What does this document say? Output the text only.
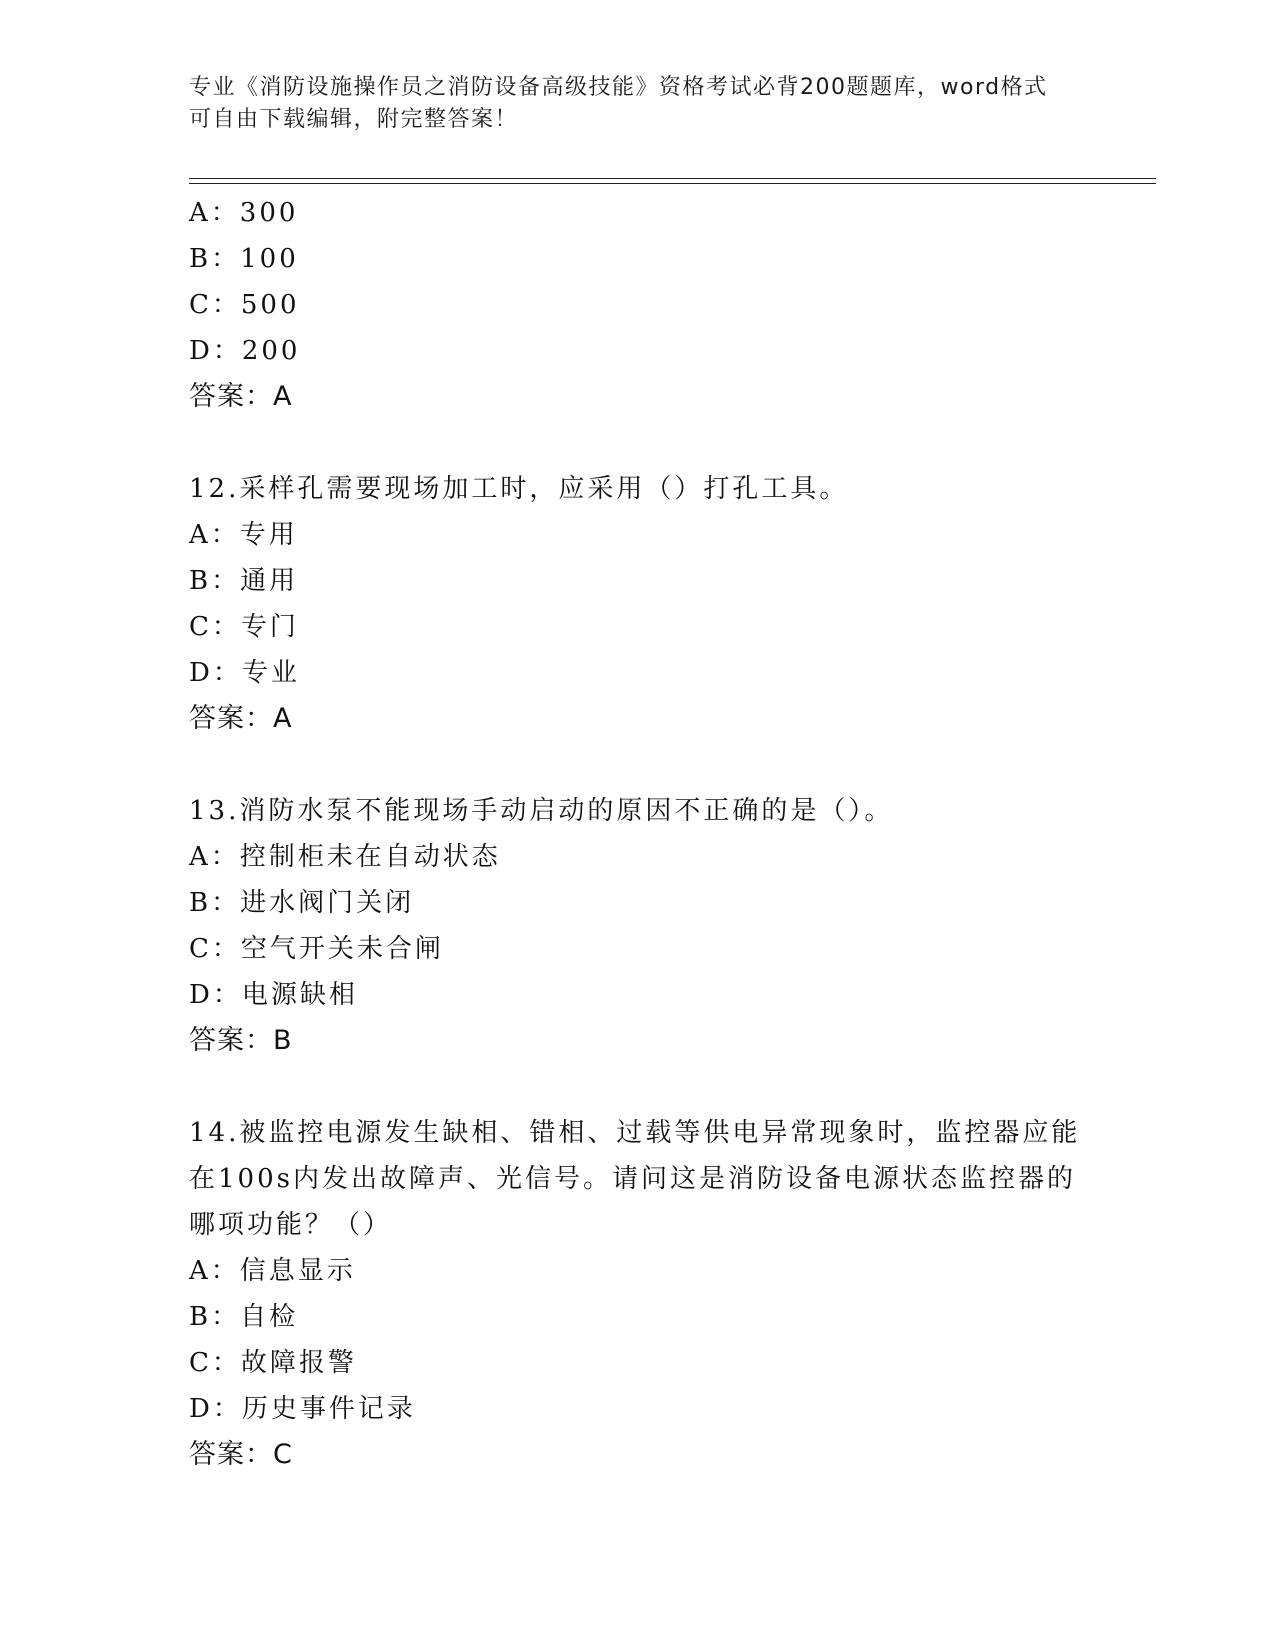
专业《消防设施操作员之消防设备高级技能》资格考试必背200题题库，word格式可自由下载编辑，附完整答案！
A：300
B：100
C：500
D：200
答案：A
12.采样孔需要现场加工时，应采用（）打孔工具。
A：专用
B：通用
C：专门
D：专业
答案：A
13.消防水泵不能现场手动启动的原因不正确的是（）。
A：控制柜未在自动状态
B：进水阀门关闭
C：空气开关未合闸
D：电源缺相
答案：B
14.被监控电源发生缺相、错相、过载等供电异常现象时，监控器应能在100s内发出故障声、光信号。请问这是消防设备电源状态监控器的哪项功能？（）
A：信息显示
B：自检
C：故障报警
D：历史事件记录
答案：C
